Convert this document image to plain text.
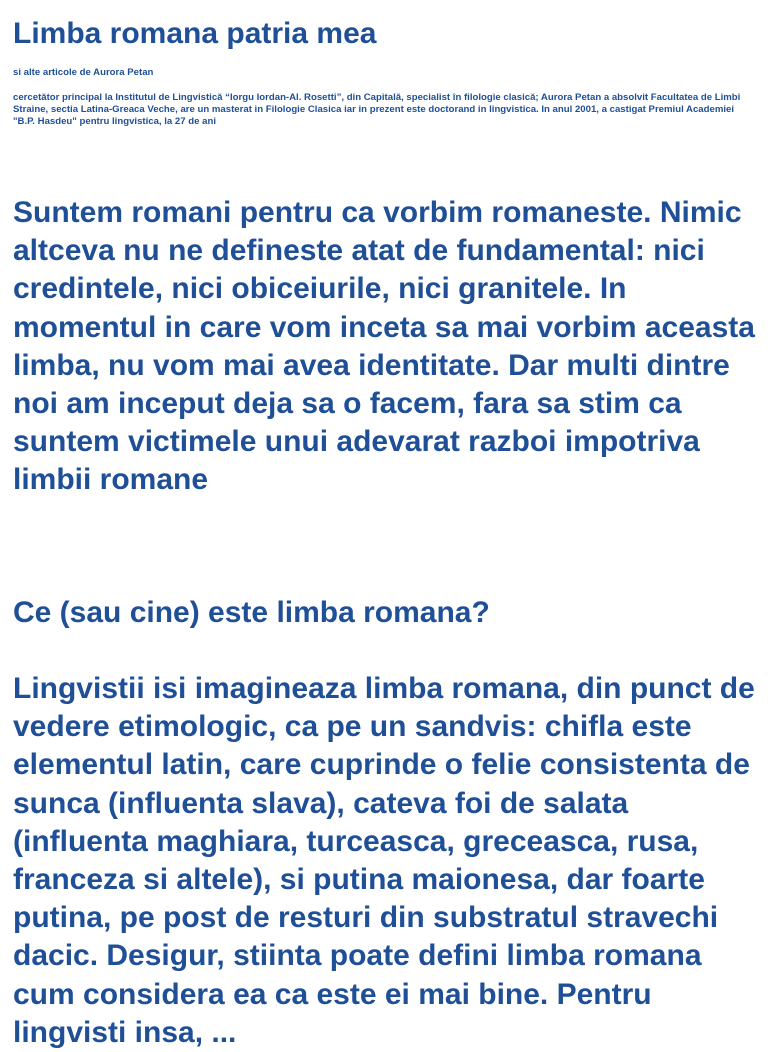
Limba romana patria mea

si alte articole de Aurora Petan

cercetător principal la Institutul de Lingvistică “Iorgu Iordan-Al. Rosetti”, din Capitală, specialist în filologie clasică; Aurora Petan a absolvit Facultatea de Limbi Straine, sectia Latina-Greaca Veche, are un masterat in Filologie Clasica iar in prezent este doctorand in lingvistica. In anul 2001, a castigat Premiul Academiei "B.P. Hasdeu" pentru lingvistica, la 27 de ani

Suntem romani pentru ca vorbim romaneste. Nimic altceva nu ne defineste atat de fundamental: nici credintele, nici obiceiurile, nici granitele. In momentul in care vom inceta sa mai vorbim aceasta limba, nu vom mai avea identitate. Dar multi dintre noi am inceput deja sa o facem, fara sa stim ca suntem victimele unui adevarat razboi impotriva limbii romane

Ce (sau cine) este limba romana?

Lingvistii isi imagineaza limba romana, din punct de vedere etimologic, ca pe un sandvis: chifla este elementul latin, care cuprinde o felie consistenta de sunca (influenta slava), cateva foi de salata (influenta maghiara, turceasca, greceasca, rusa, franceza si altele), si putina maionesa, dar foarte putina, pe post de resturi din substratul stravechi dacic. Desigur, stiinta poate defini limba romana cum considera ea ca este ei mai bine. Pentru lingvisti insa, ...
